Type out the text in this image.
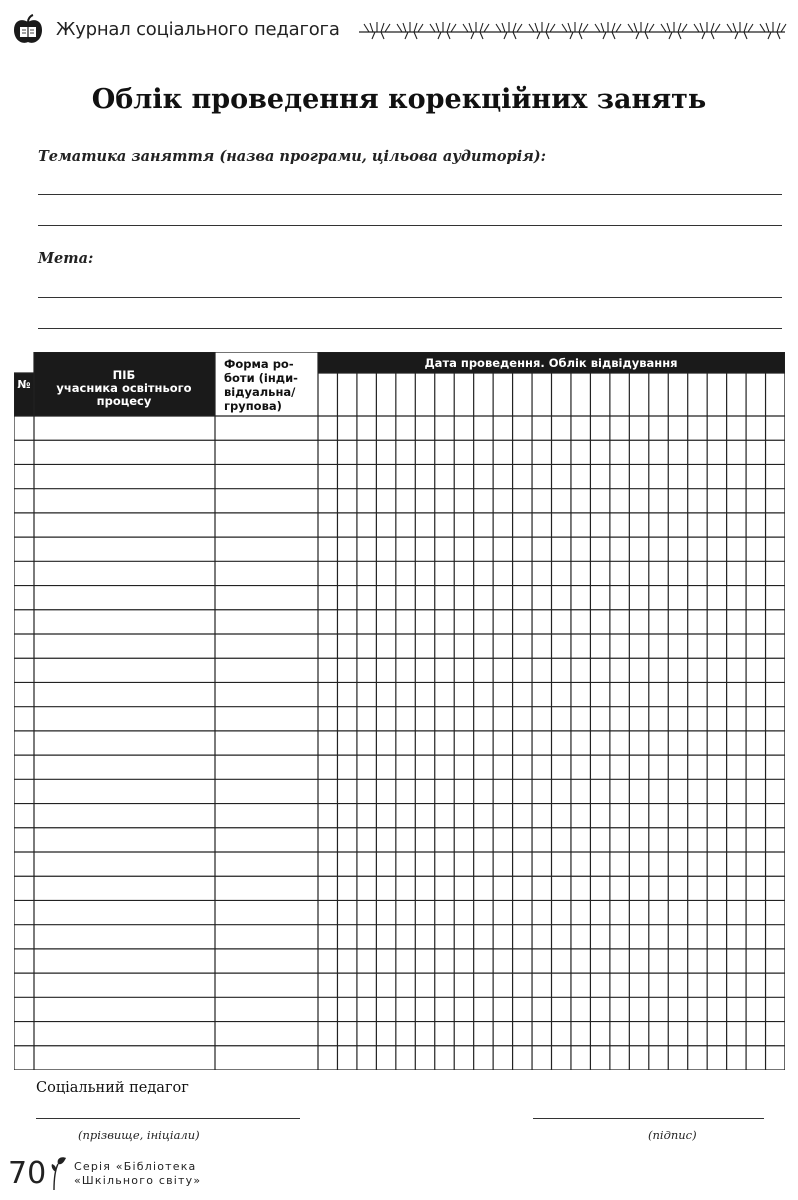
Журнал соціального педагога
Облік проведення корекційних занять
Тематика заняття (назва програми, цільова аудиторія):
Мета:
№
ПІБ
учасника освітнього
процесу
Форма ро-
боти (інди-
відуальна/
групова)
Дата проведення. Облік відвідування
Соціальний педагог
(прізвище, ініціали)	(підпис)
70	Серія «Бібліотека
«Шкільного світу»
